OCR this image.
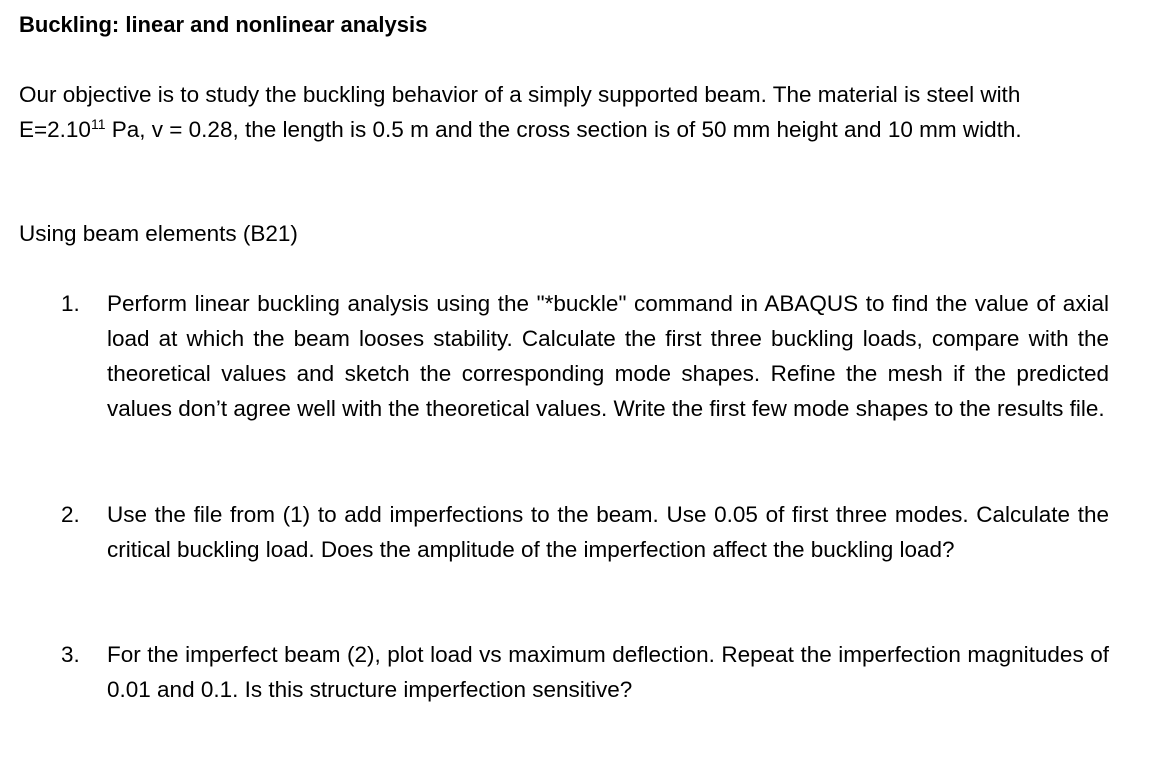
Buckling: linear and nonlinear analysis

Our objective is to study the buckling behavior of a simply supported beam. The material is steel with $E=2.10^{11}$ Pa, v = 0.28, the length is 0.5 m and the cross section is of 50 mm height and 10 mm width.

Using beam elements (B21)

1. Perform linear buckling analysis using the "*buckle" command in ABAQUS to find the value of axial load at which the beam looses stability. Calculate the first three buckling loads, compare with the theoretical values and sketch the corresponding mode shapes. Refine the mesh if the predicted values don’t agree well with the theoretical values. Write the first few mode shapes to the results file.
2. Use the file from (1) to add imperfections to the beam. Use 0.05 of first three modes. Calculate the critical buckling load. Does the amplitude of the imperfection affect the buckling load?
3. For the imperfect beam (2), plot load vs maximum deflection. Repeat the imperfection magnitudes of 0.01 and 0.1. Is this structure imperfection sensitive?
